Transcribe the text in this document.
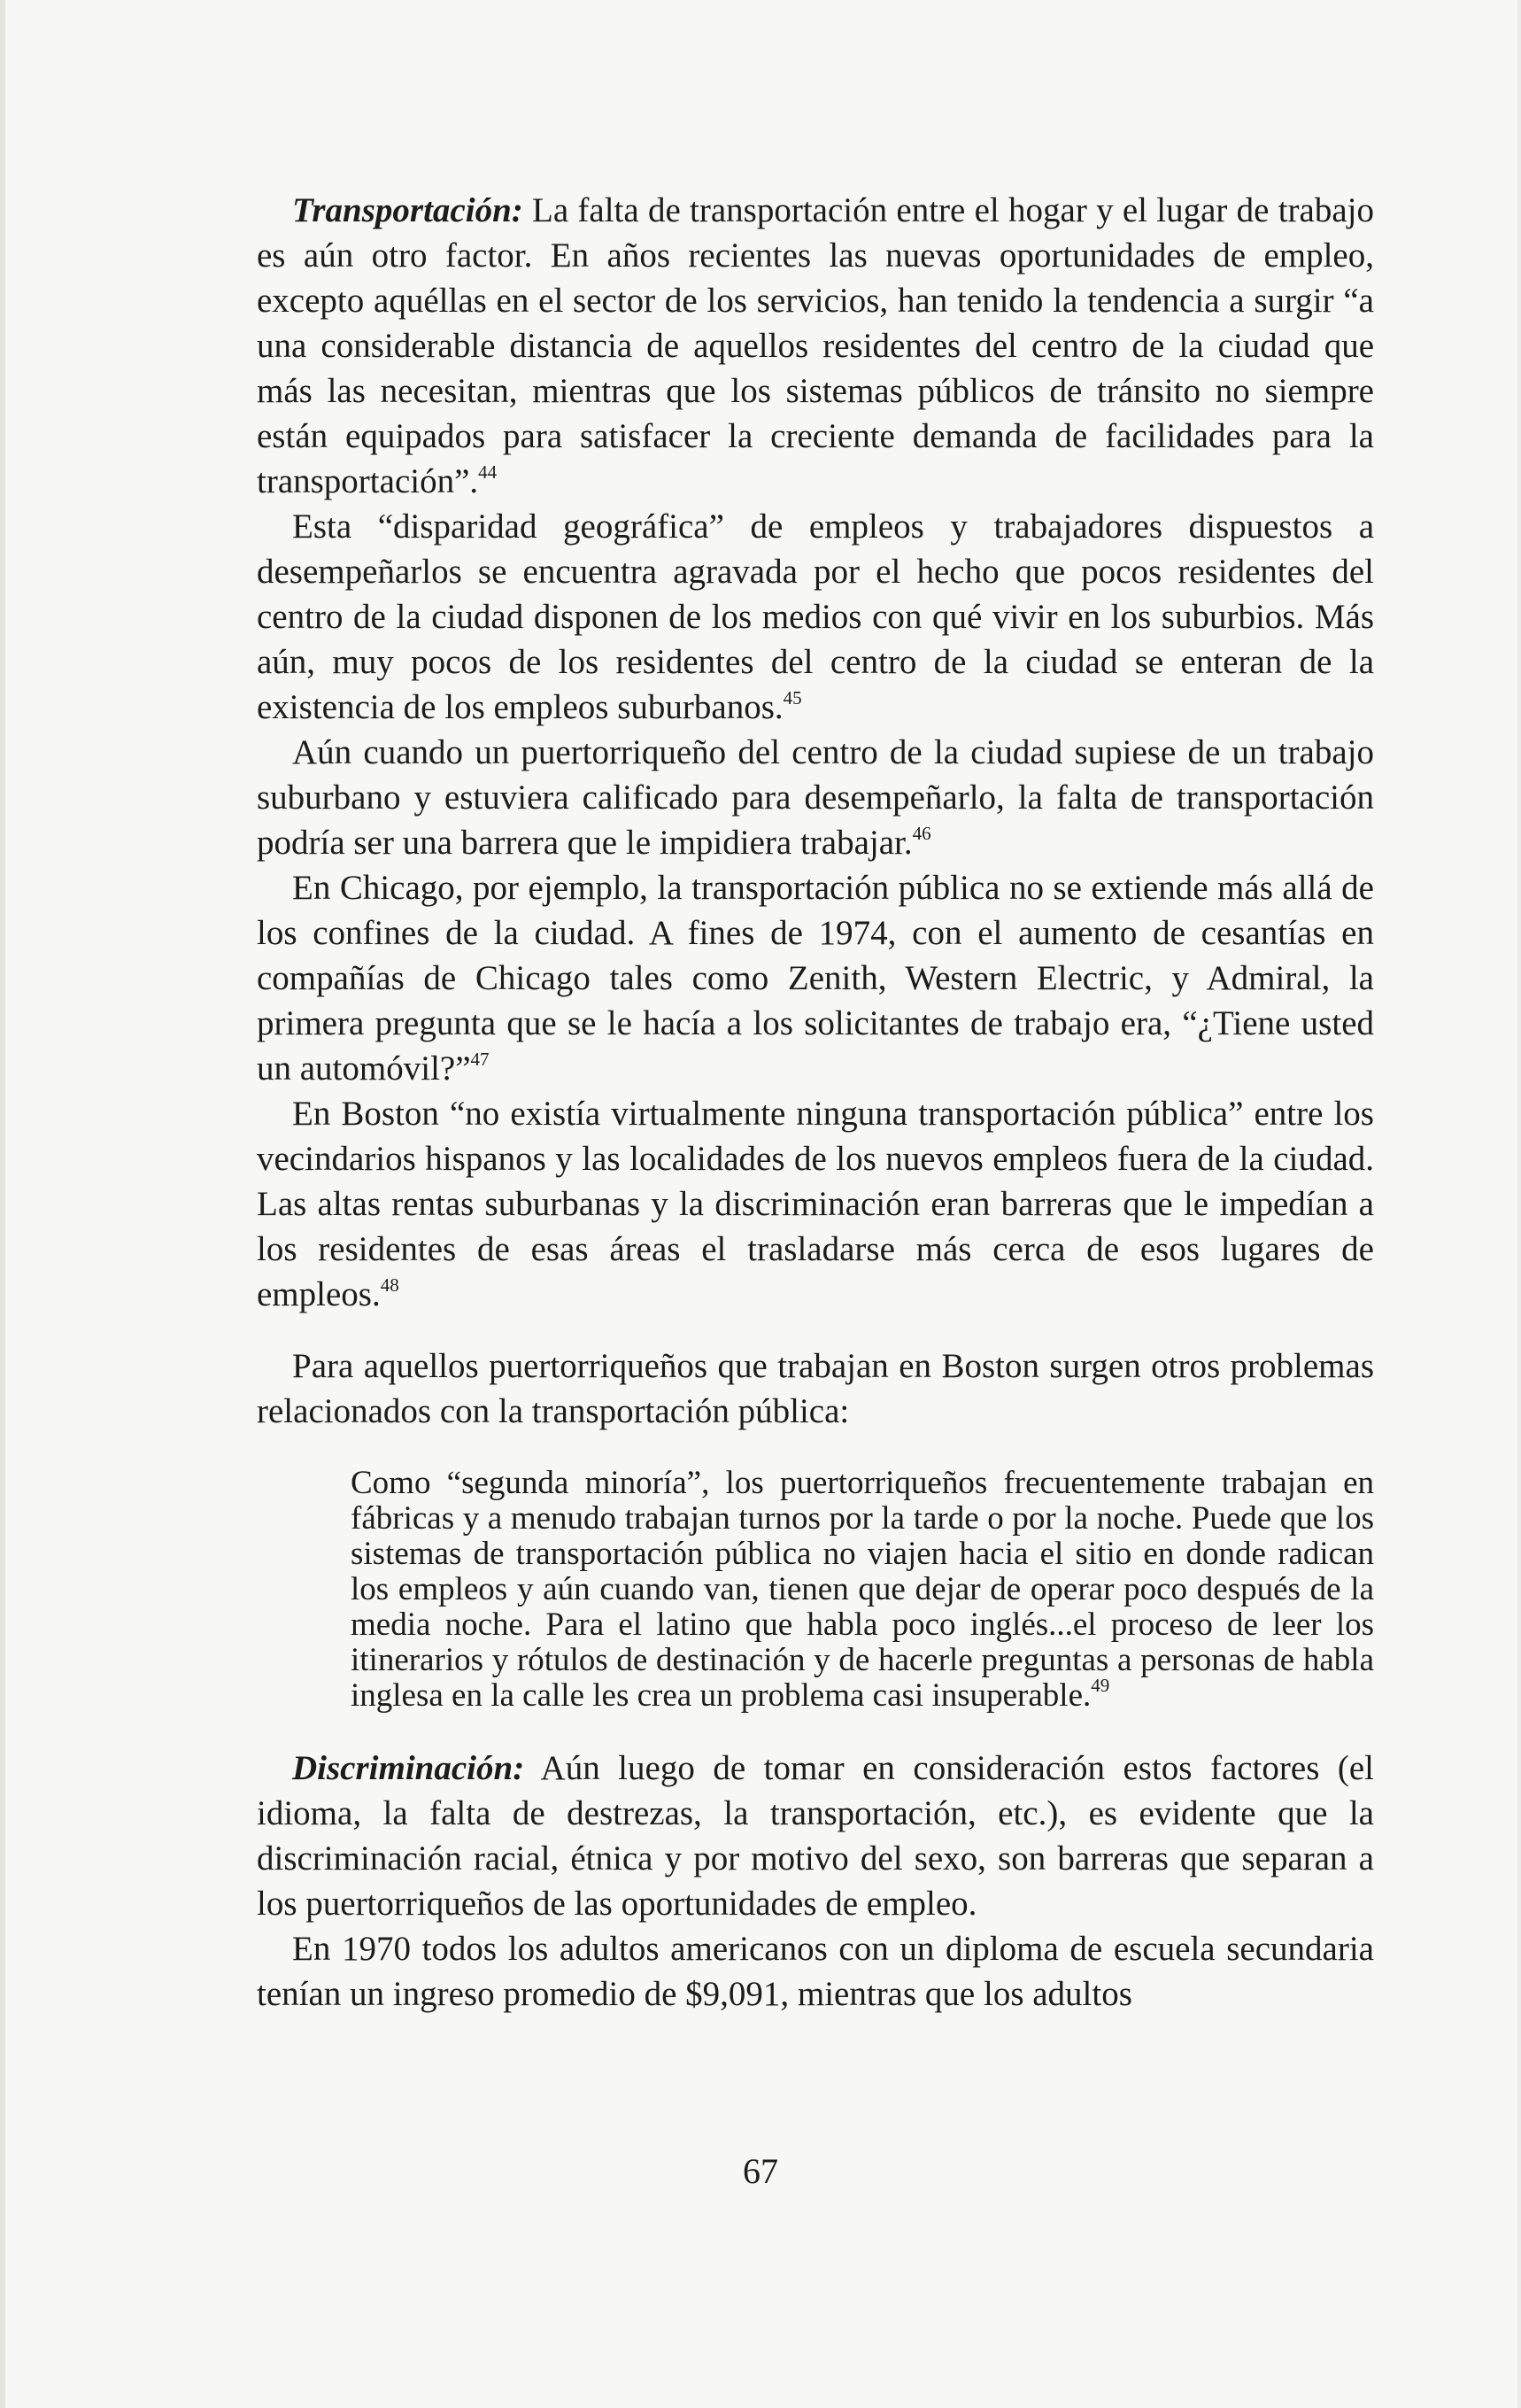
Transportación: La falta de transportación entre el hogar y el lugar de trabajo es aún otro factor. En años recientes las nuevas oportunidades de empleo, excepto aquéllas en el sector de los servicios, han tenido la tendencia a surgir “a una considerable distancia de aquellos residentes del centro de la ciudad que más las necesitan, mientras que los sistemas públicos de tránsito no siempre están equipados para satisfacer la creciente demanda de facilidades para la transportación”.$^{44}$

Esta “disparidad geográfica” de empleos y trabajadores dispuestos a desempeñarlos se encuentra agravada por el hecho que pocos residentes del centro de la ciudad disponen de los medios con qué vivir en los suburbios. Más aún, muy pocos de los residentes del centro de la ciudad se enteran de la existencia de los empleos suburbanos.$^{45}$

Aún cuando un puertorriqueño del centro de la ciudad supiese de un trabajo suburbano y estuviera calificado para desempeñarlo, la falta de transportación podría ser una barrera que le impidiera trabajar.$^{46}$

En Chicago, por ejemplo, la transportación pública no se extiende más allá de los confines de la ciudad. A fines de 1974, con el aumento de cesantías en compañías de Chicago tales como Zenith, Western Electric, y Admiral, la primera pregunta que se le hacía a los solicitantes de trabajo era, “¿Tiene usted un automóvil?”$^{47}$

En Boston “no existía virtualmente ninguna transportación pública” entre los vecindarios hispanos y las localidades de los nuevos empleos fuera de la ciudad. Las altas rentas suburbanas y la discriminación eran barreras que le impedían a los residentes de esas áreas el trasladarse más cerca de esos lugares de empleos.$^{48}$

Para aquellos puertorriqueños que trabajan en Boston surgen otros problemas relacionados con la transportación pública:

Como “segunda minoría”, los puertorriqueños frecuentemente trabajan en fábricas y a menudo trabajan turnos por la tarde o por la noche. Puede que los sistemas de transportación pública no viajen hacia el sitio en donde radican los empleos y aún cuando van, tienen que dejar de operar poco después de la media noche. Para el latino que habla poco inglés...el proceso de leer los itinerarios y rótulos de destinación y de hacerle preguntas a personas de habla inglesa en la calle les crea un problema casi insuperable.$^{49}$

Discriminación: Aún luego de tomar en consideración estos factores (el idioma, la falta de destrezas, la transportación, etc.), es evidente que la discriminación racial, étnica y por motivo del sexo, son barreras que separan a los puertorriqueños de las oportunidades de empleo.

En 1970 todos los adultos americanos con un diploma de escuela secundaria tenían un ingreso promedio de $9,091, mientras que los adultos

67
